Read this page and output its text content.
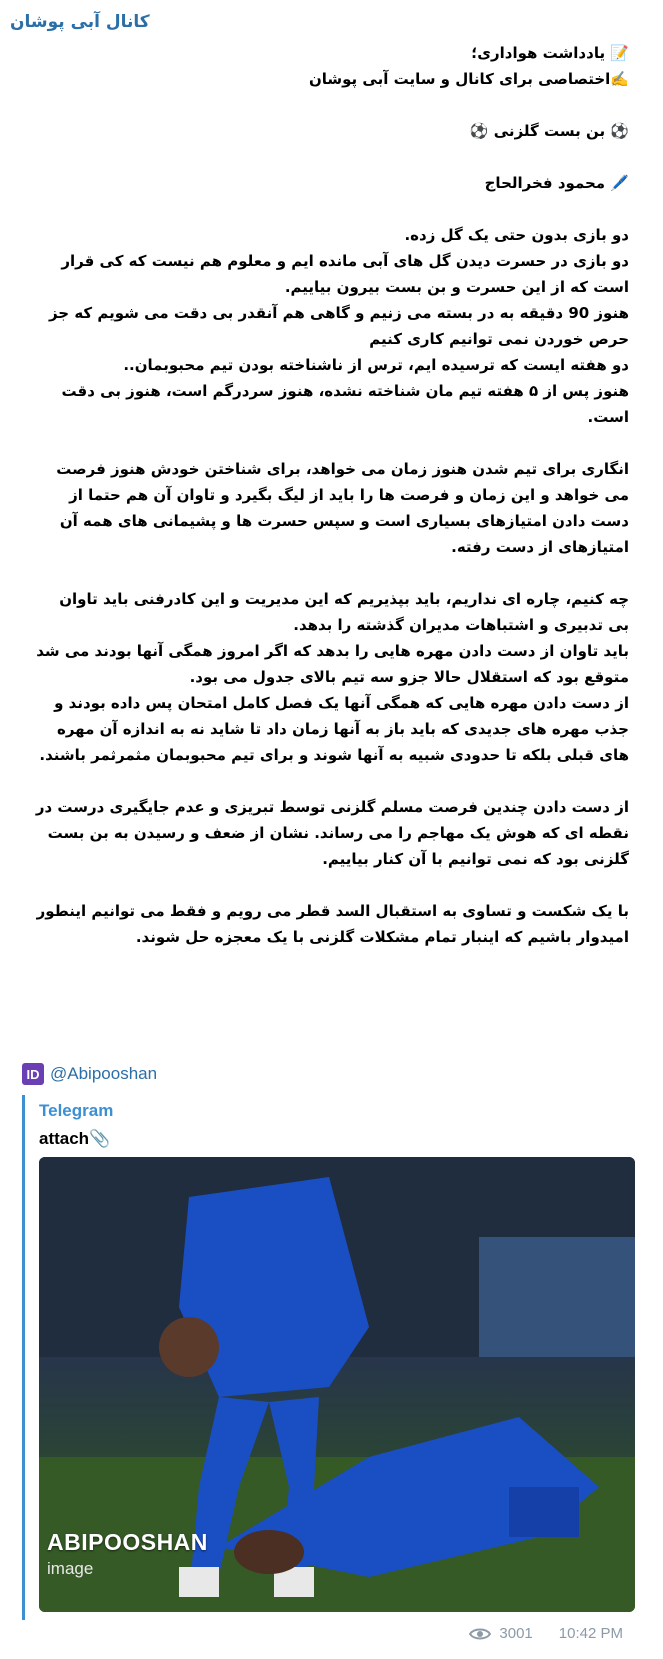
کانال آبی پوشان
📝 یادداشت هواداری؛
✍️اختصاصی برای کانال و سایت آبی پوشان

⚽ بن بست گلزنی ⚽

🖊️ محمود فخرالحاج

دو بازی بدون حتی یک گل زده.
دو بازی در حسرت دیدن گل های آبی مانده ایم و معلوم هم نیست که کی قرار است که از این حسرت و بن بست بیرون بیاییم.
هنوز 90 دقیقه به در بسته می زنیم و گاهی هم آنقدر بی دقت می شویم که جز حرص خوردن نمی توانیم کاری کنیم
دو هفته ایست که ترسیده ایم، ترس از ناشناخته بودن تیم محبوبمان..
هنوز پس از ۵ هفته تیم مان شناخته نشده، هنوز سردرگم است، هنوز بی دقت است.

انگاری برای تیم شدن هنوز زمان می خواهد، برای شناختن خودش هنوز فرصت می خواهد و این زمان و فرصت ها را باید از لیگ بگیرد و تاوان آن هم حتما از دست دادن امتیازهای بسیاری است و سپس حسرت ها و پشیمانی های همه آن امتیازهای از دست رفته.

چه کنیم، چاره ای نداریم، باید بپذیریم که این مدیریت و این کادرفنی باید تاوان بی تدبیری و اشتباهات مدیران گذشته را بدهد.
باید تاوان از دست دادن مهره هایی را بدهد که اگر امروز همگی آنها بودند می شد متوقع بود که استقلال حالا جزو سه تیم بالای جدول می بود.
از دست دادن مهره هایی که همگی آنها یک فصل کامل امتحان پس داده بودند و جذب مهره های جدیدی که باید باز به آنها زمان داد تا شاید نه به اندازه آن مهره های قبلی بلکه تا حدودی شبیه به آنها شوند و برای تیم محبوبمان مثمرثمر باشند.

از دست دادن چندین فرصت مسلم گلزنی توسط تبریزی و عدم جایگیری درست در نقطه ای که هوش یک مهاجم را می رساند. نشان از ضعف و رسیدن به بن بست گلزنی بود که نمی توانیم با آن کنار بیاییم.

با یک شکست و تساوی به استقبال السد قطر می رویم و فقط می توانیم اینطور امیدوار باشیم که اینبار تمام مشکلات گلزنی با یک معجزه حل شوند.
ID @Abipooshan
Telegram
attach📎
ABIPOOSHAN
image
3001 10:42 PM
